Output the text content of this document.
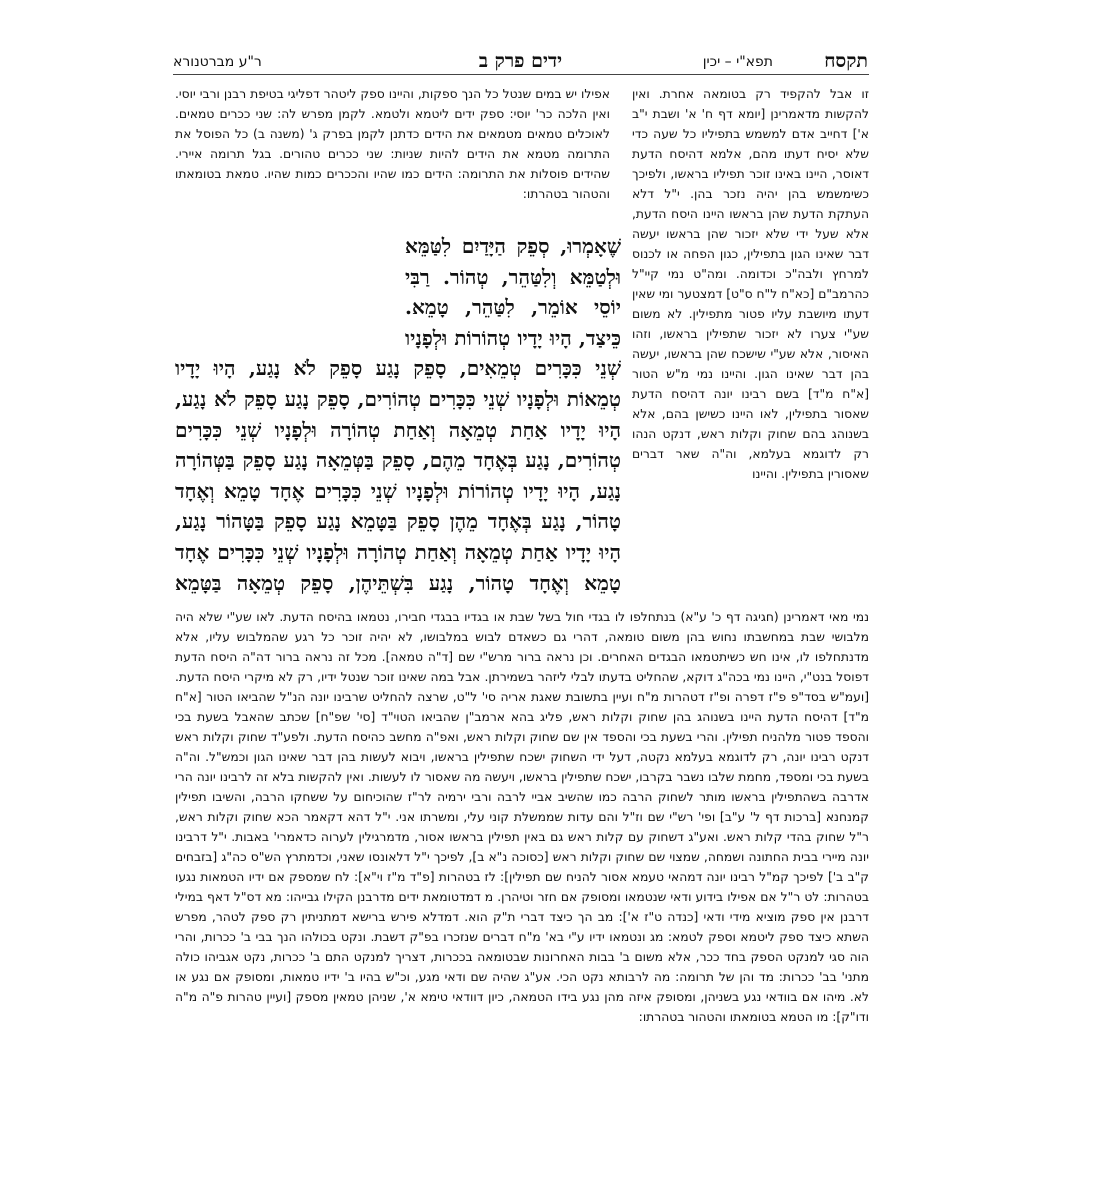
תקסח
תפא"י – יכין
ידים פרק ב
ר"ע מברטנורא

זו אבל להקפיד רק בטומאה אחרת. ואין להקשות מדאמרינן [יומא דף ח' א' ושבת י"ב א'] דחייב אדם למשמש בתפיליו כל שעה כדי שלא יסיח דעתו מהם, אלמא דהיסח הדעת דאוסר, היינו באינו זוכר תפיליו בראשו, ולפיכך כשימשמש בהן יהיה נזכר בהן. י"ל דלא העתקת הדעת שהן בראשו היינו היסח הדעת, אלא שעל ידי שלא יזכור שהן בראשו יעשה דבר שאינו הגון בתפילין, כגון הפחה או לכנוס למרחץ ולבה"כ וכדומה. ומה"ט נמי קיי"ל כהרמב"ם [כא"ח ל"ח ס"ט] דמצטער ומי שאין דעתו מיושבת עליו פטור מתפילין. לא משום שע"י צערו לא יזכור שתפילין בראשו, וזהו האיסור, אלא שע"י שישכח שהן בראשו, יעשה בהן דבר שאינו הגון. והיינו נמי מ"ש הטור [א"ח מ"ד] בשם רבינו יונה דהיסח הדעת שאסור בתפילין, לאו היינו כשישן בהם, אלא בשנוהג בהם שחוק וקלות ראש, דנקט הנהו רק לדוגמא בעלמא, וה"ה שאר דברים שאסורין בתפילין. והיינו

אפילו יש במים שנטל כל הנך ספקות, והיינו ספק ליטהר דפליגי בטיפת רבנן ורבי יוסי. ואין הלכה כר' יוסי: ספק ידים ליטמא ולטמא. לקמן מפרש לה: שני ככרים טמאים. לאוכלים טמאים מטמאים את הידים כדתנן לקמן בפרק ג' (משנה ב) כל הפוסל את התרומה מטמא את הידים להיות שניות: שני ככרים טהורים. בגל תרומה איירי. שהידים פוסלות את התרומה: הידים כמו שהיו והככרים כמות שהיו. טמאת בטומאתו והטהור בטהרתו:

שֶׁאָמְרוּ, סְפֵק הַיָּדַיִם לִטַּמֵּא וּלְטַמֵּא וְלִטַּהֵר, טְהוֹר. רַבִּי יוֹסֵי אוֹמֵר, לִטַּהֵר, טָמֵא. כֵּיצַד, הָיוּ יָדָיו טְהוֹרוֹת וּלְפָנָיו שְׁנֵי כִּכָּרִים טְמֵאִים, סָפֵק נָגַע סָפֵק לֹא נָגַע, הָיוּ יָדָיו טְמֵאוֹת וּלְפָנָיו שְׁנֵי כִּכָּרִים טְהוֹרִים, סָפֵק נָגַע סָפֵק לֹא נָגַע, הָיוּ יָדָיו אַחַת טְמֵאָה וְאַחַת טְהוֹרָה וּלְפָנָיו שְׁנֵי כִּכָּרִים טְהוֹרִים, נָגַע בְּאֶחָד מֵהֶם, סָפֵק בַּטְּמֵאָה נָגַע סָפֵק בַּטְּהוֹרָה נָגַע, הָיוּ יָדָיו טְהוֹרוֹת וּלְפָנָיו שְׁנֵי כִּכָּרִים אֶחָד טָמֵא וְאֶחָד טָהוֹר, נָגַע בְּאֶחָד מֵהֶן סָפֵק בַּטָּמֵא נָגַע סָפֵק בַּטָּהוֹר נָגַע, הָיוּ יָדָיו אַחַת טְמֵאָה וְאַחַת טְהוֹרָה וּלְפָנָיו שְׁנֵי כִּכָּרִים אֶחָד טָמֵא וְאֶחָד טָהוֹר, נָגַע בִּשְׁתֵּיהֶן, סָפֵק טְמֵאָה בַּטָּמֵא

נמי מאי דאמרינן (חגיגה דף כ' ע"א) בנתחלפו לו בגדי חול בשל שבת או בגדיו בבגדי חבירו, נטמאו בהיסח הדעת. לאו שע"י שלא היה מלבושי שבת במחשבתו נחוש בהן משום טומאה, דהרי גם כשאדם לבוש במלבושו, לא יהיה זוכר כל רגע שהמלבוש עליו, אלא מדנתחלפו לו, אינו חש כשיתטמאו הבגדים האחרים. וכן נראה ברור מרש"י שם [ד"ה טמאה]. מכל זה נראה ברור דה"ה היסח הדעת דפוסל בנט"י, היינו נמי בכה"ג דוקא, שהחליט בדעתו לבלי ליזהר בשמירתן. אבל במה שאינו זוכר שנטל ידיו, רק לא מיקרי היסח הדעת. [ועמ"ש בסד"פ פ"ז דפרה ופ"ז דטהרות מ"ח ועיין בתשובת שאגת אריה סי' ל"ט, שרצה להחליט שרבינו יונה הנ"ל שהביאו הטור [א"ח מ"ד] דהיסח הדעת היינו בשנוהג בהן שחוק וקלות ראש, פליג בהא ארמב"ן שהביאו הטוי"ד [סי' שפ"ח] שכתב שהאבל בשעת בכי והספד פטור מלהניח תפילין. והרי בשעת בכי והספד אין שם שחוק וקלות ראש, ואפ"ה מחשב כהיסח הדעת. ולפע"ד שחוק וקלות ראש דנקט רבינו יונה, רק לדוגמא בעלמא נקטה, דעל ידי השחוק ישכח שתפילין בראשו, ויבוא לעשות בהן דבר שאינו הגון וכמש"ל. וה"ה בשעת בכי ומספד, מחמת שלבו נשבר בקרבו, ישכח שתפילין בראשו, ויעשה מה שאסור לו לעשות. ואין להקשות בלא זה לרבינו יונה הרי אדרבה בשהתפילין בראשו מותר לשחוק הרבה כמו שהשיב אביי לרבה ורבי ירמיה לר"ז שהוכיחום על ששחקו הרבה, והשיבו תפילין קמנחנא [ברכות דף ל' ע"ב] ופי' רש"י שם וז"ל והם עדות שממשלת קוני עלי, ומשרתו אני. י"ל דהא דקאמר הכא שחוק וקלות ראש, ר"ל שחוק בהדי קלות ראש. ואע"ג דשחוק עם קלות ראש גם באין תפילין בראשו אסור, מדמרגילין לערוה כדאמרי' באבות. י"ל דרבינו יונה מיירי בבית החתונה ושמחה, שמצוי שם שחוק וקלות ראש [כסוכה נ"א ב], לפיכך י"ל דלאונסו שאני, וכדמתרץ הש"ס כה"ג [בזבחים ק"ב ב'] לפיכך קמ"ל רבינו יונה דמהאי טעמא אסור להניח שם תפילין]: לז בטהרות [פ"ד מ"ז וי"א]: לח שמספק אם ידיו הטמאות נגעו בטהרות: לט ר"ל אם אפילו בידוע ודאי שנטמאו ומסופק אם חזר וטיהרן. מ דמדטומאת ידים מדרבנן הקילו גבייהו: מא דס"ל דאף במילי דרבנן אין ספק מוציא מידי ודאי [כנדה ט"ז א']: מב הך כיצד דברי ת"ק הוא. דמדלא פירש ברישא דמתניתין רק ספק לטהר, מפרש השתא כיצד ספק ליטמא וספק לטמא: מג ונטמאו ידיו ע"י בא' מ"ח דברים שנזכרו בפ"ק דשבת. ונקט בכולהו הנך בבי ב' ככרות, והרי הוה סגי למנקט הספק בחד ככר, אלא משום ב' בבות האחרונות שבטומאה בככרות, דצריך למנקט התם ב' ככרות, נקט אגביהו כולה מתני' בב' ככרות: מד והן של תרומה: מה לרבותא נקט הכי. אע"ג שהיה שם ודאי מגע, וכ"ש בהיו ב' ידיו טמאות, ומסופק אם נגע או לא. מיהו אם בוודאי נגע בשניהן, ומסופק איזה מהן נגע בידו הטמאה, כיון דוודאי טימא א', שניהן טמאין מספק [ועיין טהרות פ"ה מ"ה ודו"ק]: מו הטמא בטומאתו והטהור בטהרתו:
